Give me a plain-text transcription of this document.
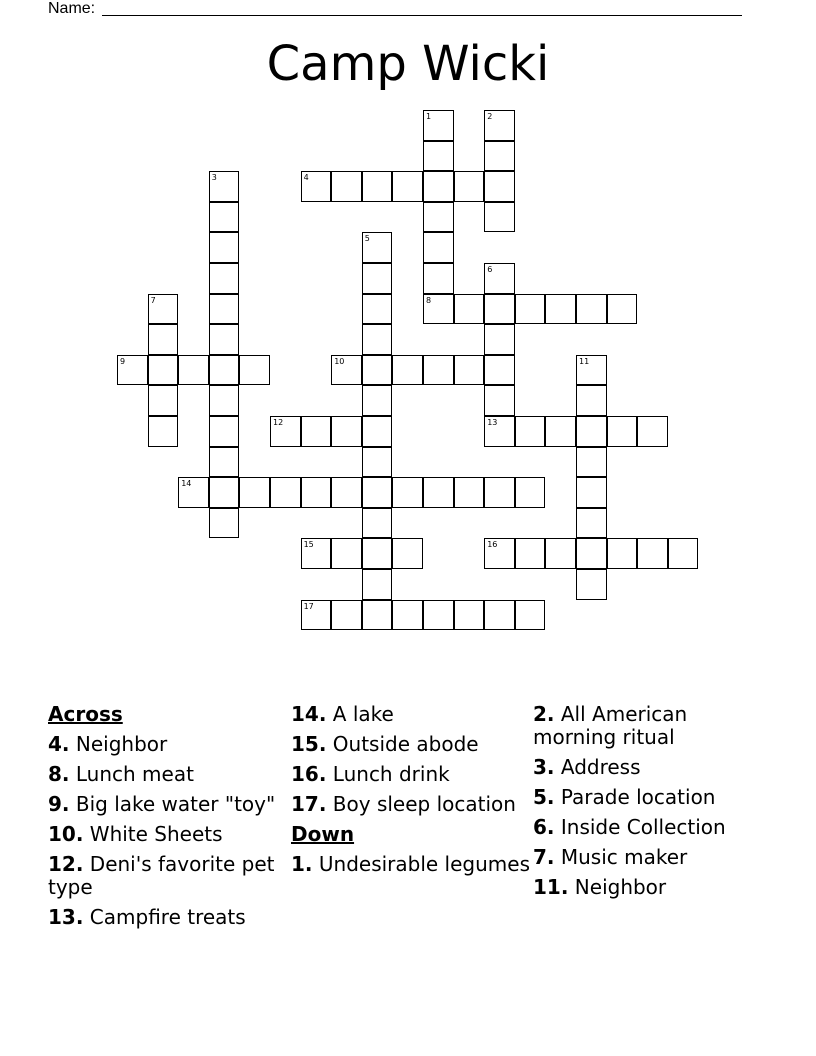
Name:
Camp Wicki
1
8
2
3	4
5
6
7
9	10	11
12	13
14
15	16
17
Across
4. Neighbor
8. Lunch meat
9. Big lake water "toy"
10. White Sheets
12. Deni's favorite pet type
13. Campfire treats
14. A lake
15. Outside abode
16. Lunch drink
17. Boy sleep location
Down
1. Undesirable legumes
2. All American morning ritual
3. Address
5. Parade location
6. Inside Collection
7. Music maker
11. Neighbor
